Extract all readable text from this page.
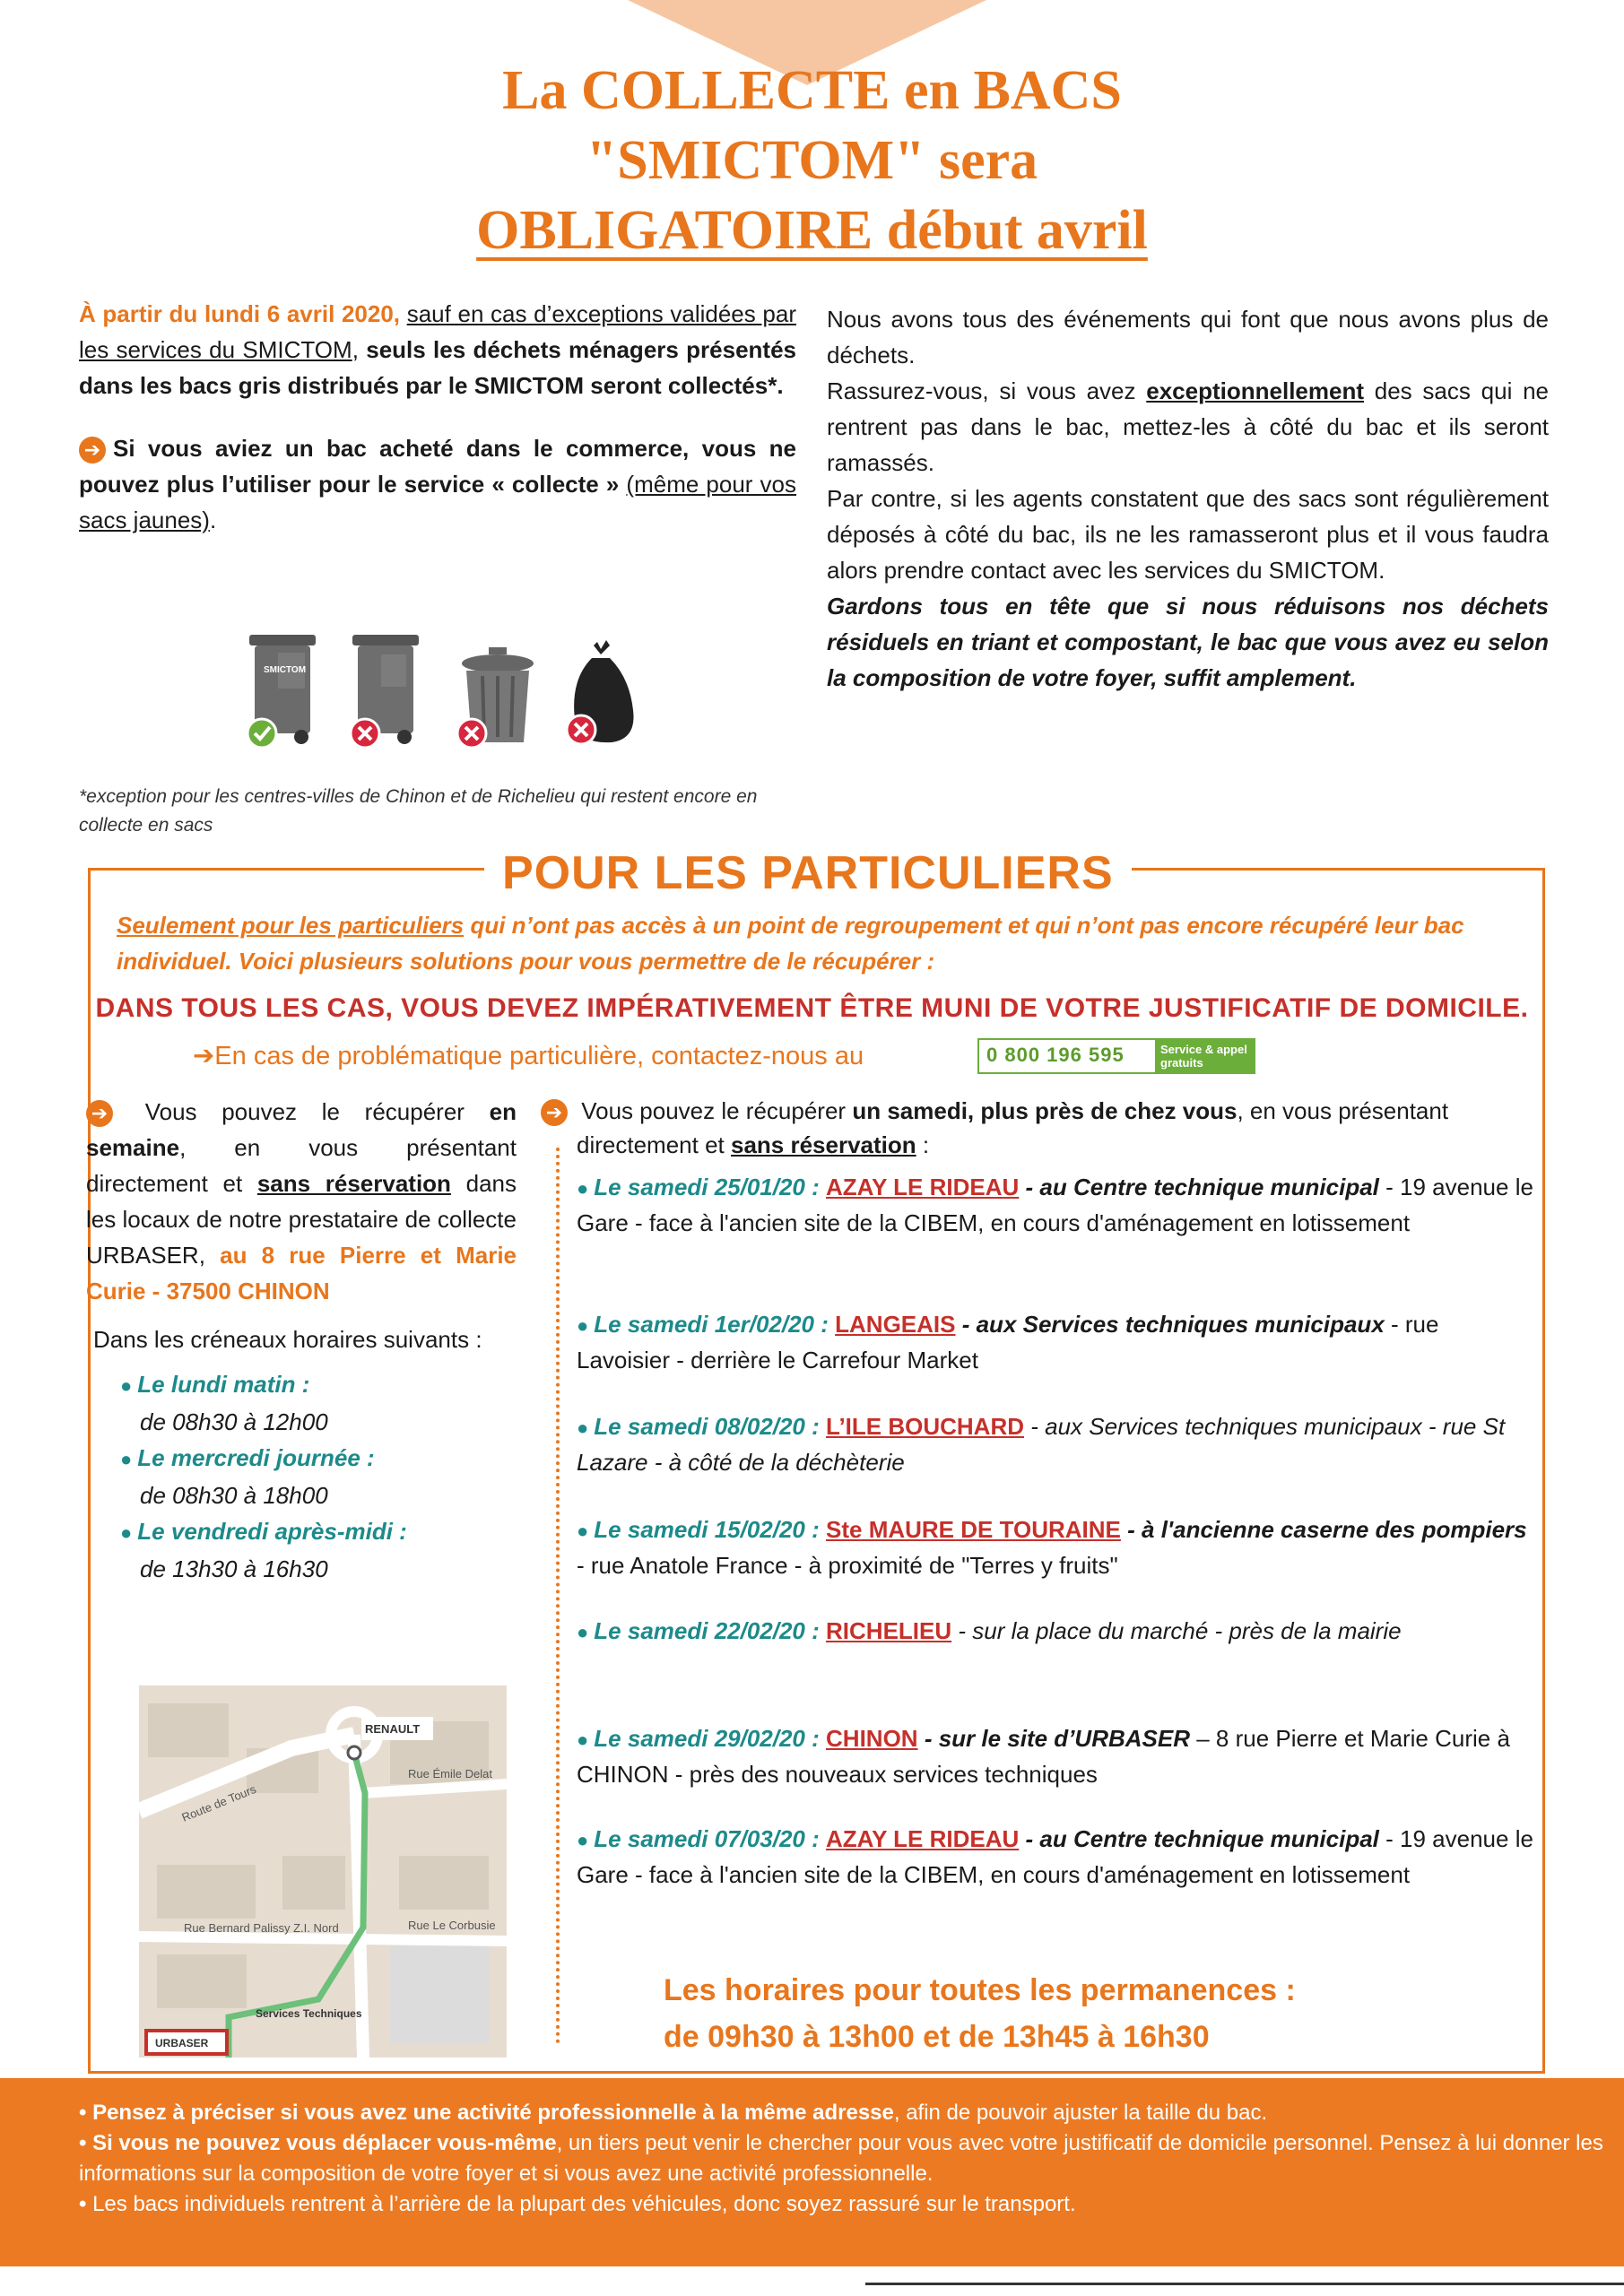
La COLLECTE en BACS
"SMICTOM" sera
OBLIGATOIRE début avril

À partir du lundi 6 avril 2020, sauf en cas d’exceptions validées par les services du SMICTOM, seuls les déchets ménagers présentés dans les bacs gris distribués par le SMICTOM seront collectés*.

➔ Si vous aviez un bac acheté dans le commerce, vous ne pouvez plus l’utiliser pour le service « collecte » (même pour vos sacs jaunes).

SMICTOM
*exception pour les centres-villes de Chinon et de Richelieu qui restent encore en collecte en sacs

Nous avons tous des événements qui font que nous avons plus de déchets.

Rassurez-vous, si vous avez exceptionnellement des sacs qui ne rentrent pas dans le bac, mettez-les à côté du bac et ils seront ramassés.

Par contre, si les agents constatent que des sacs sont régulièrement déposés à côté du bac, ils ne les ramasseront plus et il vous faudra alors prendre contact avec les services du SMICTOM.

Gardons tous en tête que si nous réduisons nos déchets résiduels en triant et compostant, le bac que vous avez eu selon la composition de votre foyer, suffit amplement.

POUR LES PARTICULIERS
Seulement pour les particuliers qui n’ont pas accès à un point de regroupement et qui n’ont pas encore récupéré leur bac individuel. Voici plusieurs solutions pour vous permettre de le récupérer :
DANS TOUS LES CAS, VOUS DEVEZ IMPÉRATIVEMENT ÊTRE MUNI DE VOTRE JUSTIFICATIF DE DOMICILE.
➔En cas de problématique particulière, contactez-nous au	0 800 196 595	Service & appel gratuits

➔ Vous pouvez le récupérer en semaine, en vous présentant directement et sans réservation dans les locaux de notre prestataire de collecte URBASER, au 8 rue Pierre et Marie Curie - 37500 CHINON

Dans les créneaux horaires suivants :

● Le lundi matin :
de 08h30 à 12h00
● Le mercredi journée :
de 08h30 à 18h00
● Le vendredi après-midi :
de 13h30 à 16h30
RENAULT
Route de Tours
Rue Émile Delat
Rue Bernard Palissy Z.I. Nord	Rue Le Corbusie
Services Techniques
URBASER

➔ Vous pouvez le récupérer un samedi, plus près de chez vous, en vous présentant directement et sans réservation :

● Le samedi 25/01/20 : AZAY LE RIDEAU - au Centre technique municipal - 19 avenue le Gare - face à l'ancien site de la CIBEM, en cours d'aménagement en lotissement
● Le samedi 1er/02/20 : LANGEAIS - aux Services techniques municipaux - rue Lavoisier - derrière le Carrefour Market
● Le samedi 08/02/20 : L’ILE BOUCHARD - aux Services techniques municipaux - rue St Lazare - à côté de la déchèterie
● Le samedi 15/02/20 : Ste MAURE DE TOURAINE - à l'ancienne caserne des pompiers - rue Anatole France - à proximité de "Terres y fruits"
● Le samedi 22/02/20 : RICHELIEU - sur la place du marché - près de la mairie
● Le samedi 29/02/20 : CHINON - sur le site d’URBASER – 8 rue Pierre et Marie Curie à CHINON - près des nouveaux services techniques
● Le samedi 07/03/20 : AZAY LE RIDEAU - au Centre technique municipal - 19 avenue le Gare - face à l'ancien site de la CIBEM, en cours d'aménagement en lotissement
Les horaires pour toutes les permanences :
de 09h30 à 13h00 et de 13h45 à 16h30
• Pensez à préciser si vous avez une activité professionnelle à la même adresse, afin de pouvoir ajuster la taille du bac.
• Si vous ne pouvez vous déplacer vous-même, un tiers peut venir le chercher pour vous avec votre justificatif de domicile personnel. Pensez à lui donner les informations sur la composition de votre foyer et si vous avez une activité professionnelle.
• Les bacs individuels rentrent à l’arrière de la plupart des véhicules, donc soyez rassuré sur le transport.
